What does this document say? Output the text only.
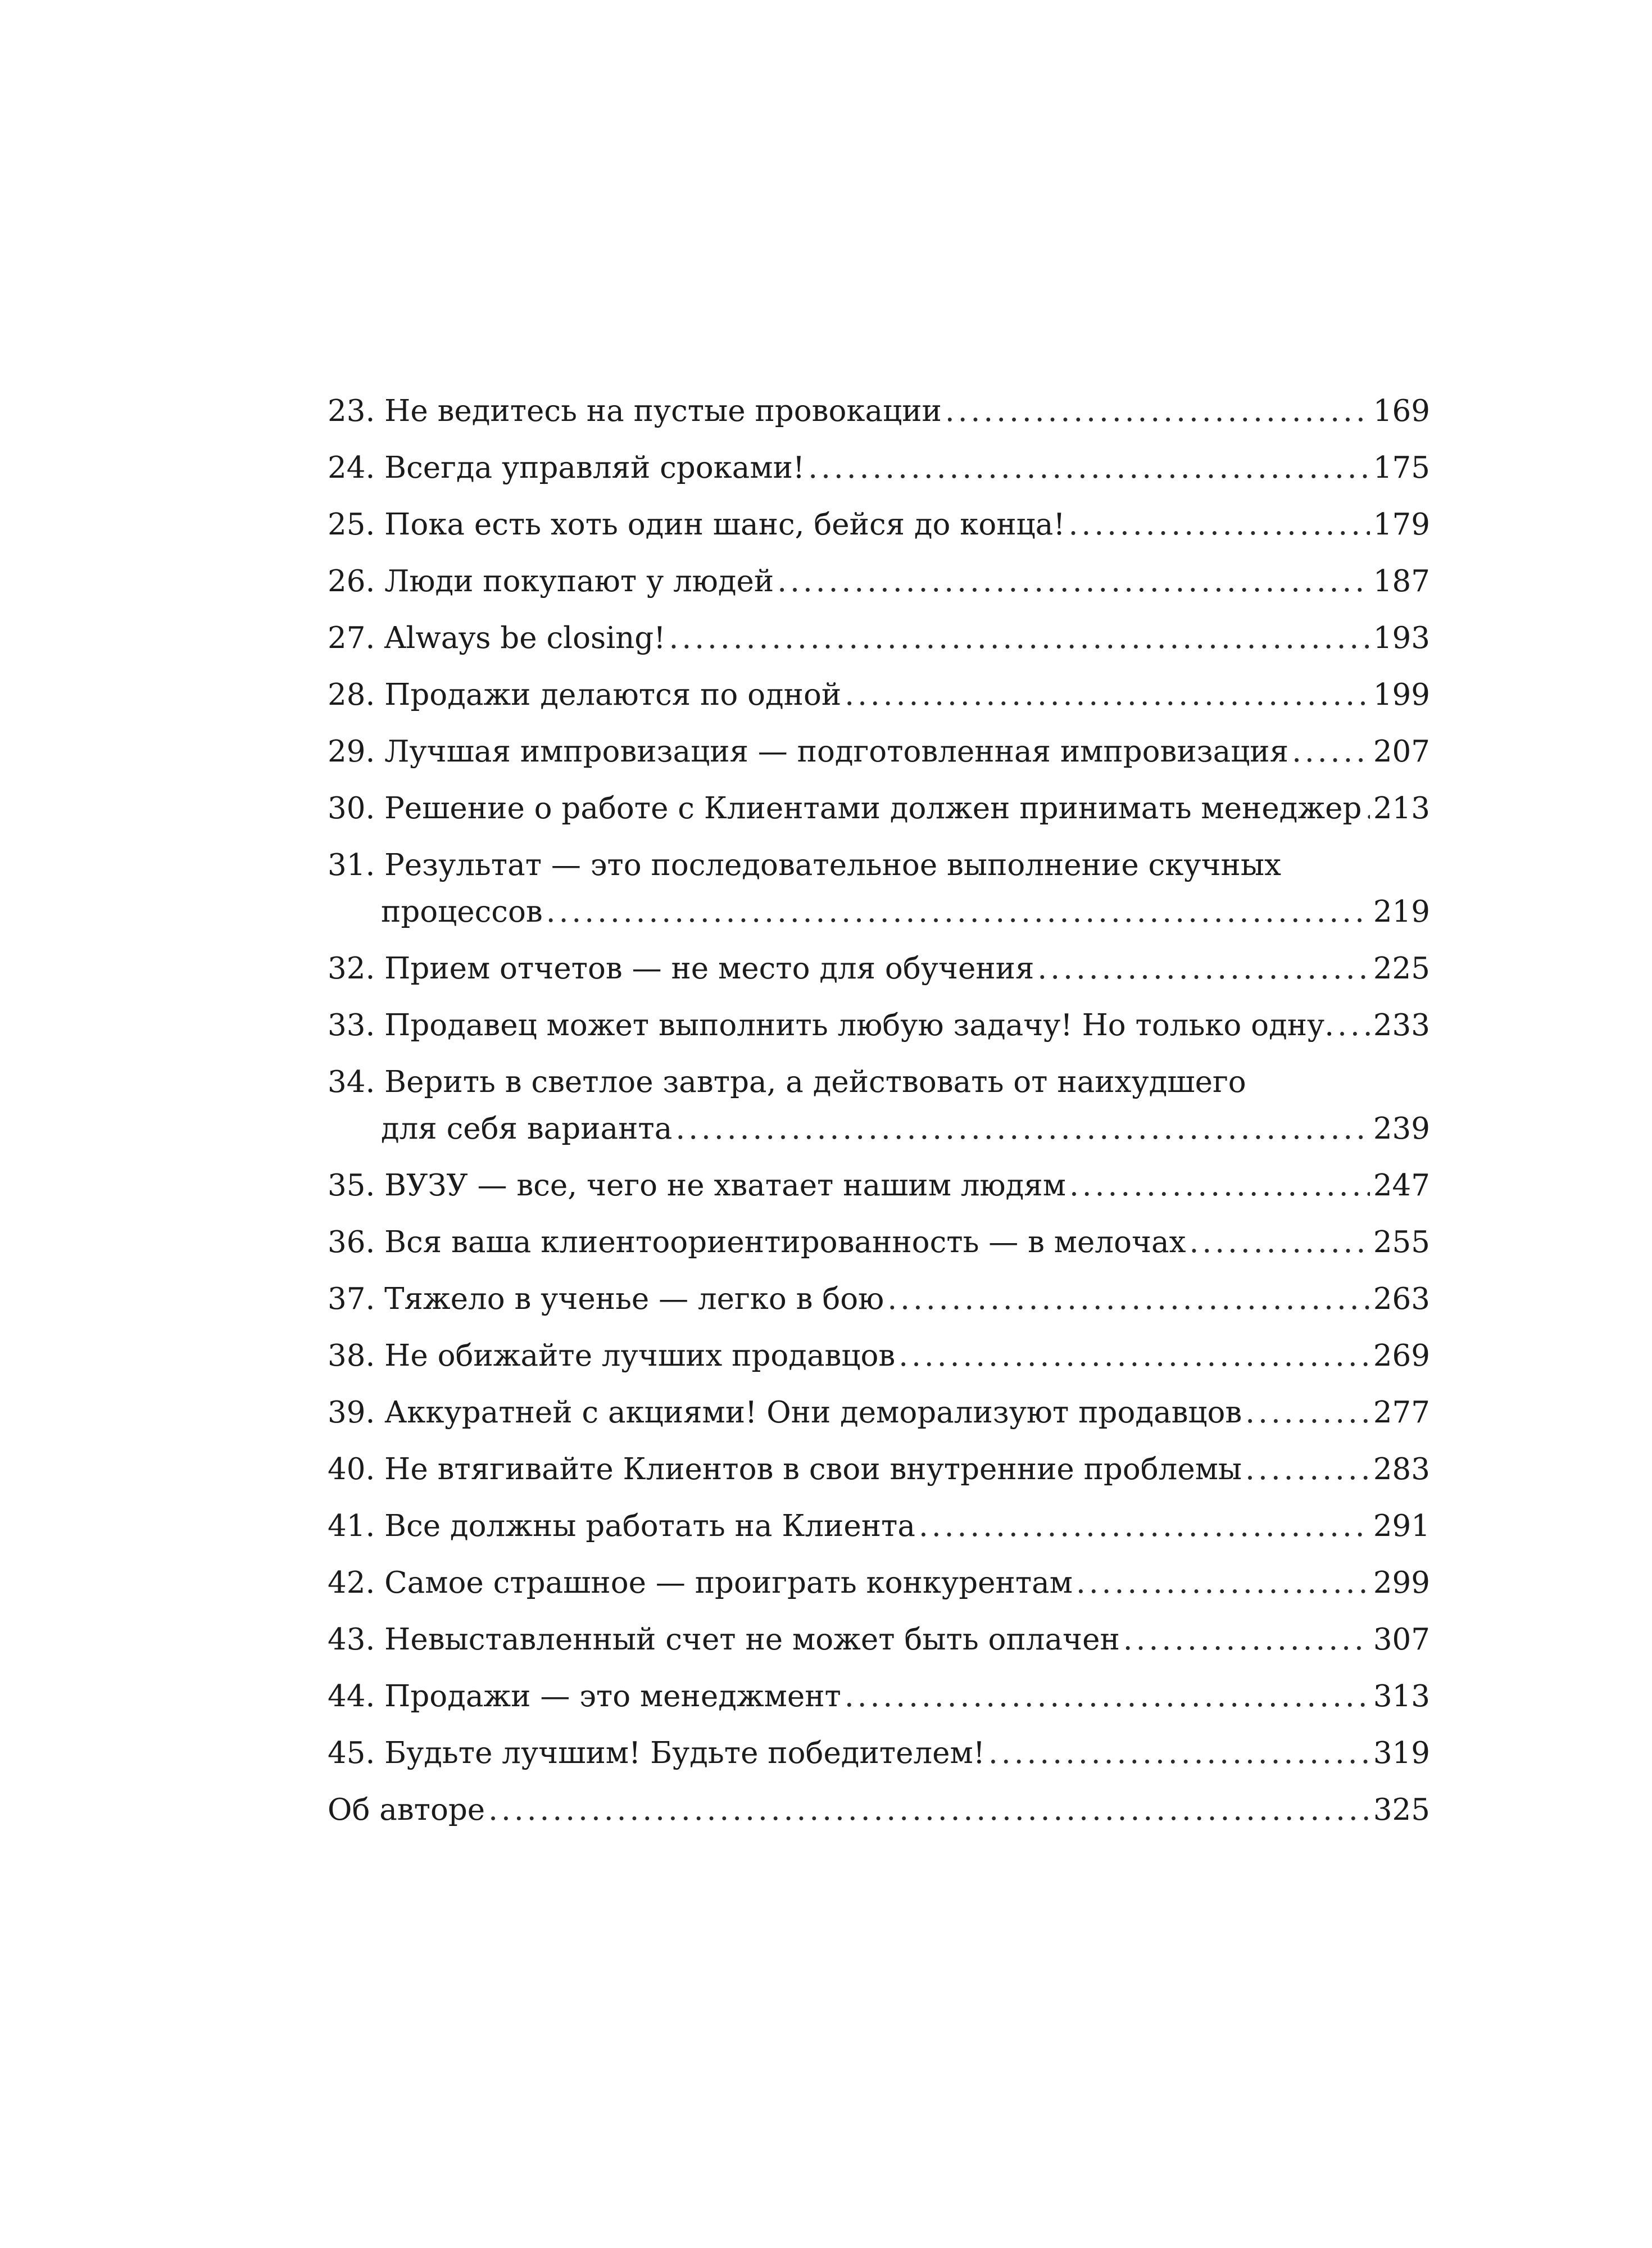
23. Не ведитесь на пустые провокации .....	169
24. Всегда управляй сроками! .....	175
25. Пока есть хоть один шанс, бейся до конца! .....	179
26. Люди покупают у людей .....	187
27. Always be closing! .....	193
28. Продажи делаются по одной .....	199
29. Лучшая импровизация — подготовленная импровизация .....	207
30. Решение о работе с Клиентами должен принимать менеджер ..... 213
31. Результат — это последовательное выполнение скучных
процессов .....	219
32. Прием отчетов — не место для обучения .....	225
33. Продавец может выполнить любую задачу! Но только одну. ..... 233
34. Верить в светлое завтра, а действовать от наихудшего
для себя варианта .....	239
35. ВУЗУ — все, чего не хватает нашим людям .....	247
36. Вся ваша клиентоориентированность — в мелочах .....	255
37. Тяжело в ученье — легко в бою .....	263
38. Не обижайте лучших продавцов .....	269
39. Аккуратней с акциями! Они деморализуют продавцов .....	277
40. Не втягивайте Клиентов в свои внутренние проблемы .....	283
41. Все должны работать на Клиента .....	291
42. Самое страшное — проиграть конкурентам .....	299
43. Невыставленный счет не может быть оплачен .....	307
44. Продажи — это менеджмент .....	313
45. Будьте лучшим! Будьте победителем! .....	319
Об авторе .....	325
